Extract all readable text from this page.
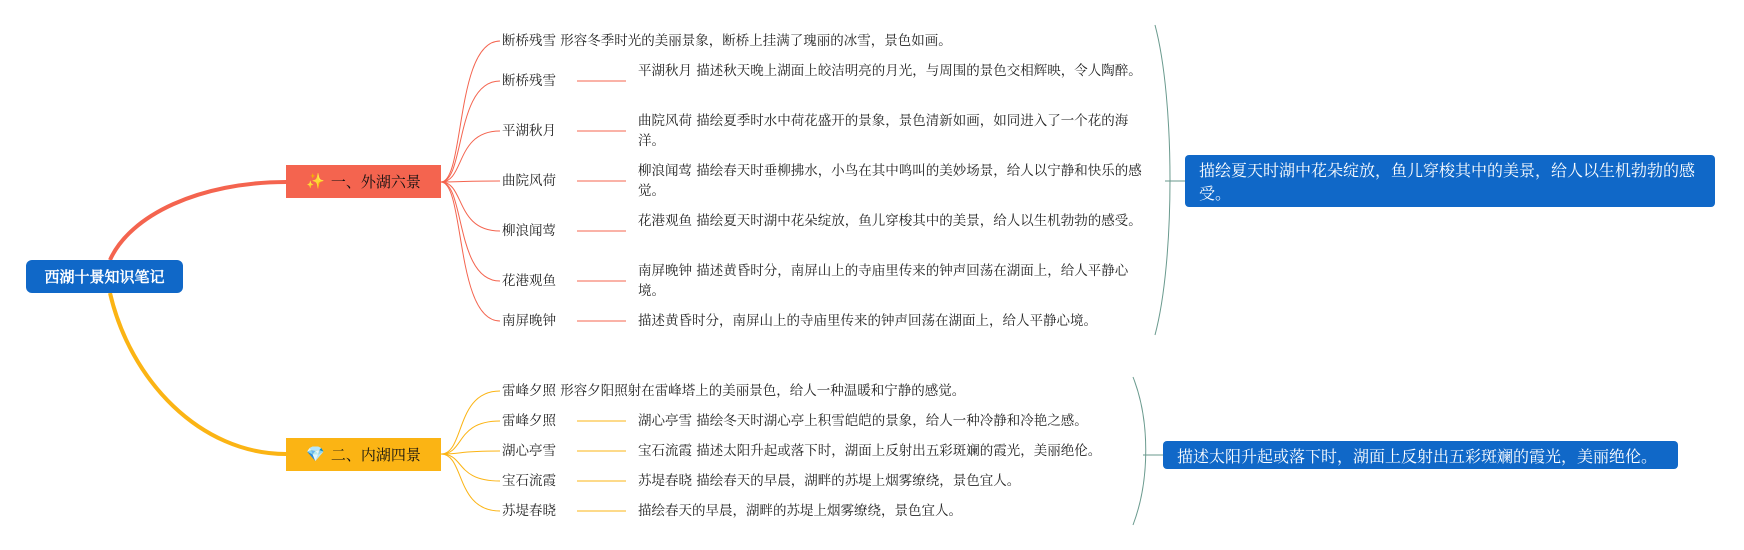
西湖十景知识笔记
✨ 一、外湖六景
断桥残雪 形容冬季时光的美丽景象，断桥上挂满了瑰丽的冰雪，景色如画。
断桥残雪
平湖秋月 描述秋天晚上湖面上皎洁明亮的月光，与周围的景色交相辉映，令人陶醉。
平湖秋月
曲院风荷 描绘夏季时水中荷花盛开的景象，景色清新如画，如同进入了一个花的海洋。
曲院风荷
柳浪闻莺 描绘春天时垂柳拂水，小鸟在其中鸣叫的美妙场景，给人以宁静和快乐的感觉。
柳浪闻莺
花港观鱼 描绘夏天时湖中花朵绽放，鱼儿穿梭其中的美景，给人以生机勃勃的感受。
花港观鱼
南屏晚钟 描述黄昏时分，南屏山上的寺庙里传来的钟声回荡在湖面上，给人平静心境。
南屏晚钟	描述黄昏时分，南屏山上的寺庙里传来的钟声回荡在湖面上，给人平静心境。
描绘夏天时湖中花朵绽放，鱼儿穿梭其中的美景，给人以生机勃勃的感受。
💎 二、内湖四景
雷峰夕照 形容夕阳照射在雷峰塔上的美丽景色，给人一种温暖和宁静的感觉。
雷峰夕照	湖心亭雪 描绘冬天时湖心亭上积雪皑皑的景象，给人一种冷静和冷艳之感。
湖心亭雪	宝石流霞 描述太阳升起或落下时，湖面上反射出五彩斑斓的霞光，美丽绝伦。
宝石流霞	苏堤春晓 描绘春天的早晨，湖畔的苏堤上烟雾缭绕，景色宜人。
苏堤春晓	描绘春天的早晨，湖畔的苏堤上烟雾缭绕，景色宜人。
描述太阳升起或落下时，湖面上反射出五彩斑斓的霞光，美丽绝伦。
